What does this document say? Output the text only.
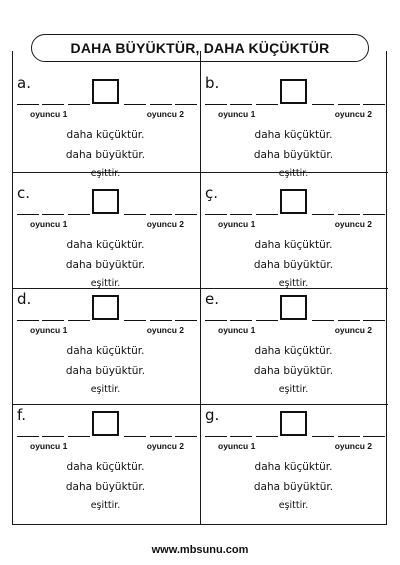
DAHA BÜYÜKTÜR, DAHA KÜÇÜKTÜR
a.
oyuncu 1	oyuncu 2
daha küçüktür.
daha büyüktür.
eşittir.
b.
oyuncu 1	oyuncu 2
daha küçüktür.
daha büyüktür.
eşittir.
c.
oyuncu 1	oyuncu 2
daha küçüktür.
daha büyüktür.
eşittir.
ç.
oyuncu 1	oyuncu 2
daha küçüktür.
daha büyüktür.
eşittir.
d.
oyuncu 1	oyuncu 2
daha küçüktür.
daha büyüktür.
eşittir.
e.
oyuncu 1	oyuncu 2
daha küçüktür.
daha büyüktür.
eşittir.
f.
oyuncu 1	oyuncu 2
daha küçüktür.
daha büyüktür.
eşittir.
g.
oyuncu 1	oyuncu 2
daha küçüktür.
daha büyüktür.
eşittir.
www.mbsunu.com
